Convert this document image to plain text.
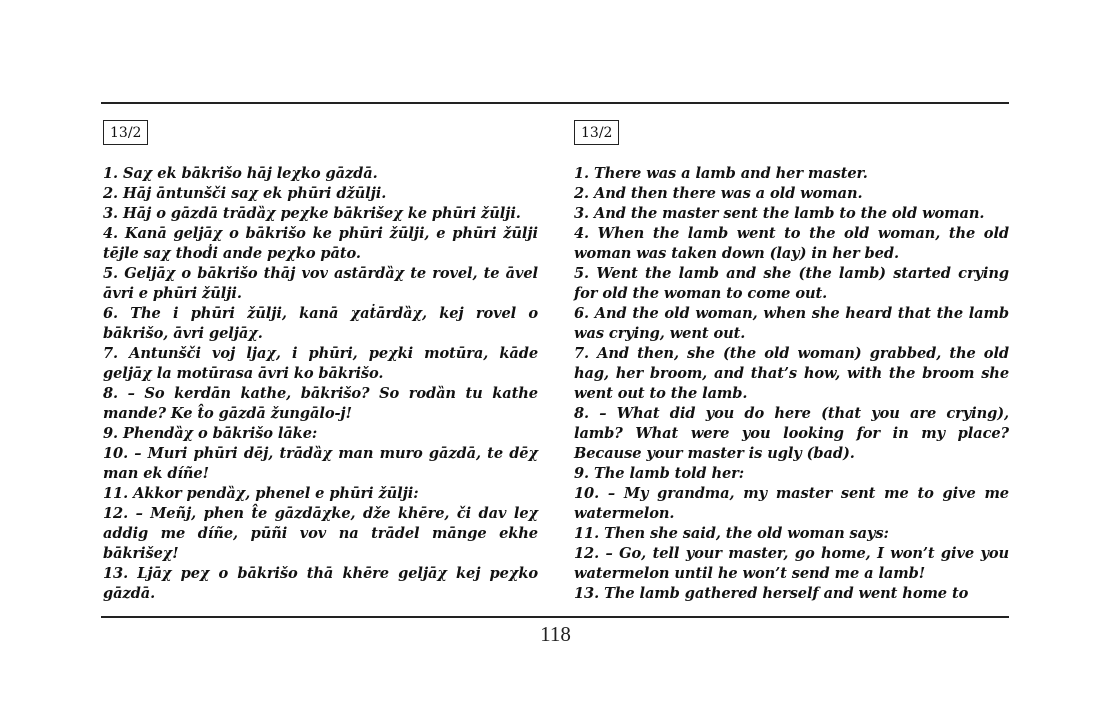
13/2

1. Saχ ek bākrišo hāj leχko gāzdā.

2. Hāj āntunšči saχ ek phūri džūlji.

3. Hāj o gāzdā trādȁχ peχke bākrišeχ ke phūri žūlji.

4. Kanā geljāχ o bākrišo ke phūri žūlji, e phūri žūlji tējle saχ thoḋi ande peχko pāto.

5. Geljāχ o bākrišo thāj vov astārdȁχ te rovel, te āvel āvri e phūri žūlji.

6. The i phūri žūlji, kanā χaṫārdȁχ, kej rovel o bākrišo, āvri geljāχ.

7. Antunšči voj ljaχ, i phūri, peχki motūra, kāde geljāχ la motūrasa āvri ko bākrišo.

8. – So kerdān kathe, bākrišo? So rodȁn tu kathe mande? Ke t̂o gāzdā žungālo-j!

9. Phendȁχ o bākrišo lāke:

10. – Muri phūri dēj, trādȁχ man muro gāzdā, te dēχ man ek díñe!

11. Akkor pendȁχ, phenel e phūri žūlji:

12. – Meñj, phen t̂e gāzdāχke, dže khēre, či dav leχ addig me díñe, pūñi vov na trādel mānge ekhe bākrišeχ!

13. Ljāχ peχ o bākrišo thā khēre geljāχ kej peχko gāzdā.

13/2

1. There was a lamb and her master.

2. And then there was a old woman.

3. And the master sent the lamb to the old woman.

4. When the lamb went to the old woman, the old woman was taken down (lay) in her bed.

5. Went the lamb and she (the lamb) started crying for old the woman to come out.

6. And the old woman, when she heard that the lamb was crying, went out.

7. And then, she (the old woman) grabbed, the old hag, her broom, and that’s how, with the broom she went out to the lamb.

8. – What did you do here (that you are crying), lamb? What were you looking for in my place? Because your master is ugly (bad).

9. The lamb told her:

10. – My grandma, my master sent me to give me watermelon.

11. Then she said, the old woman says:

12. – Go, tell your master, go home, I won’t give you watermelon until he won’t send me a lamb!

13. The lamb gathered herself and went home to

118
